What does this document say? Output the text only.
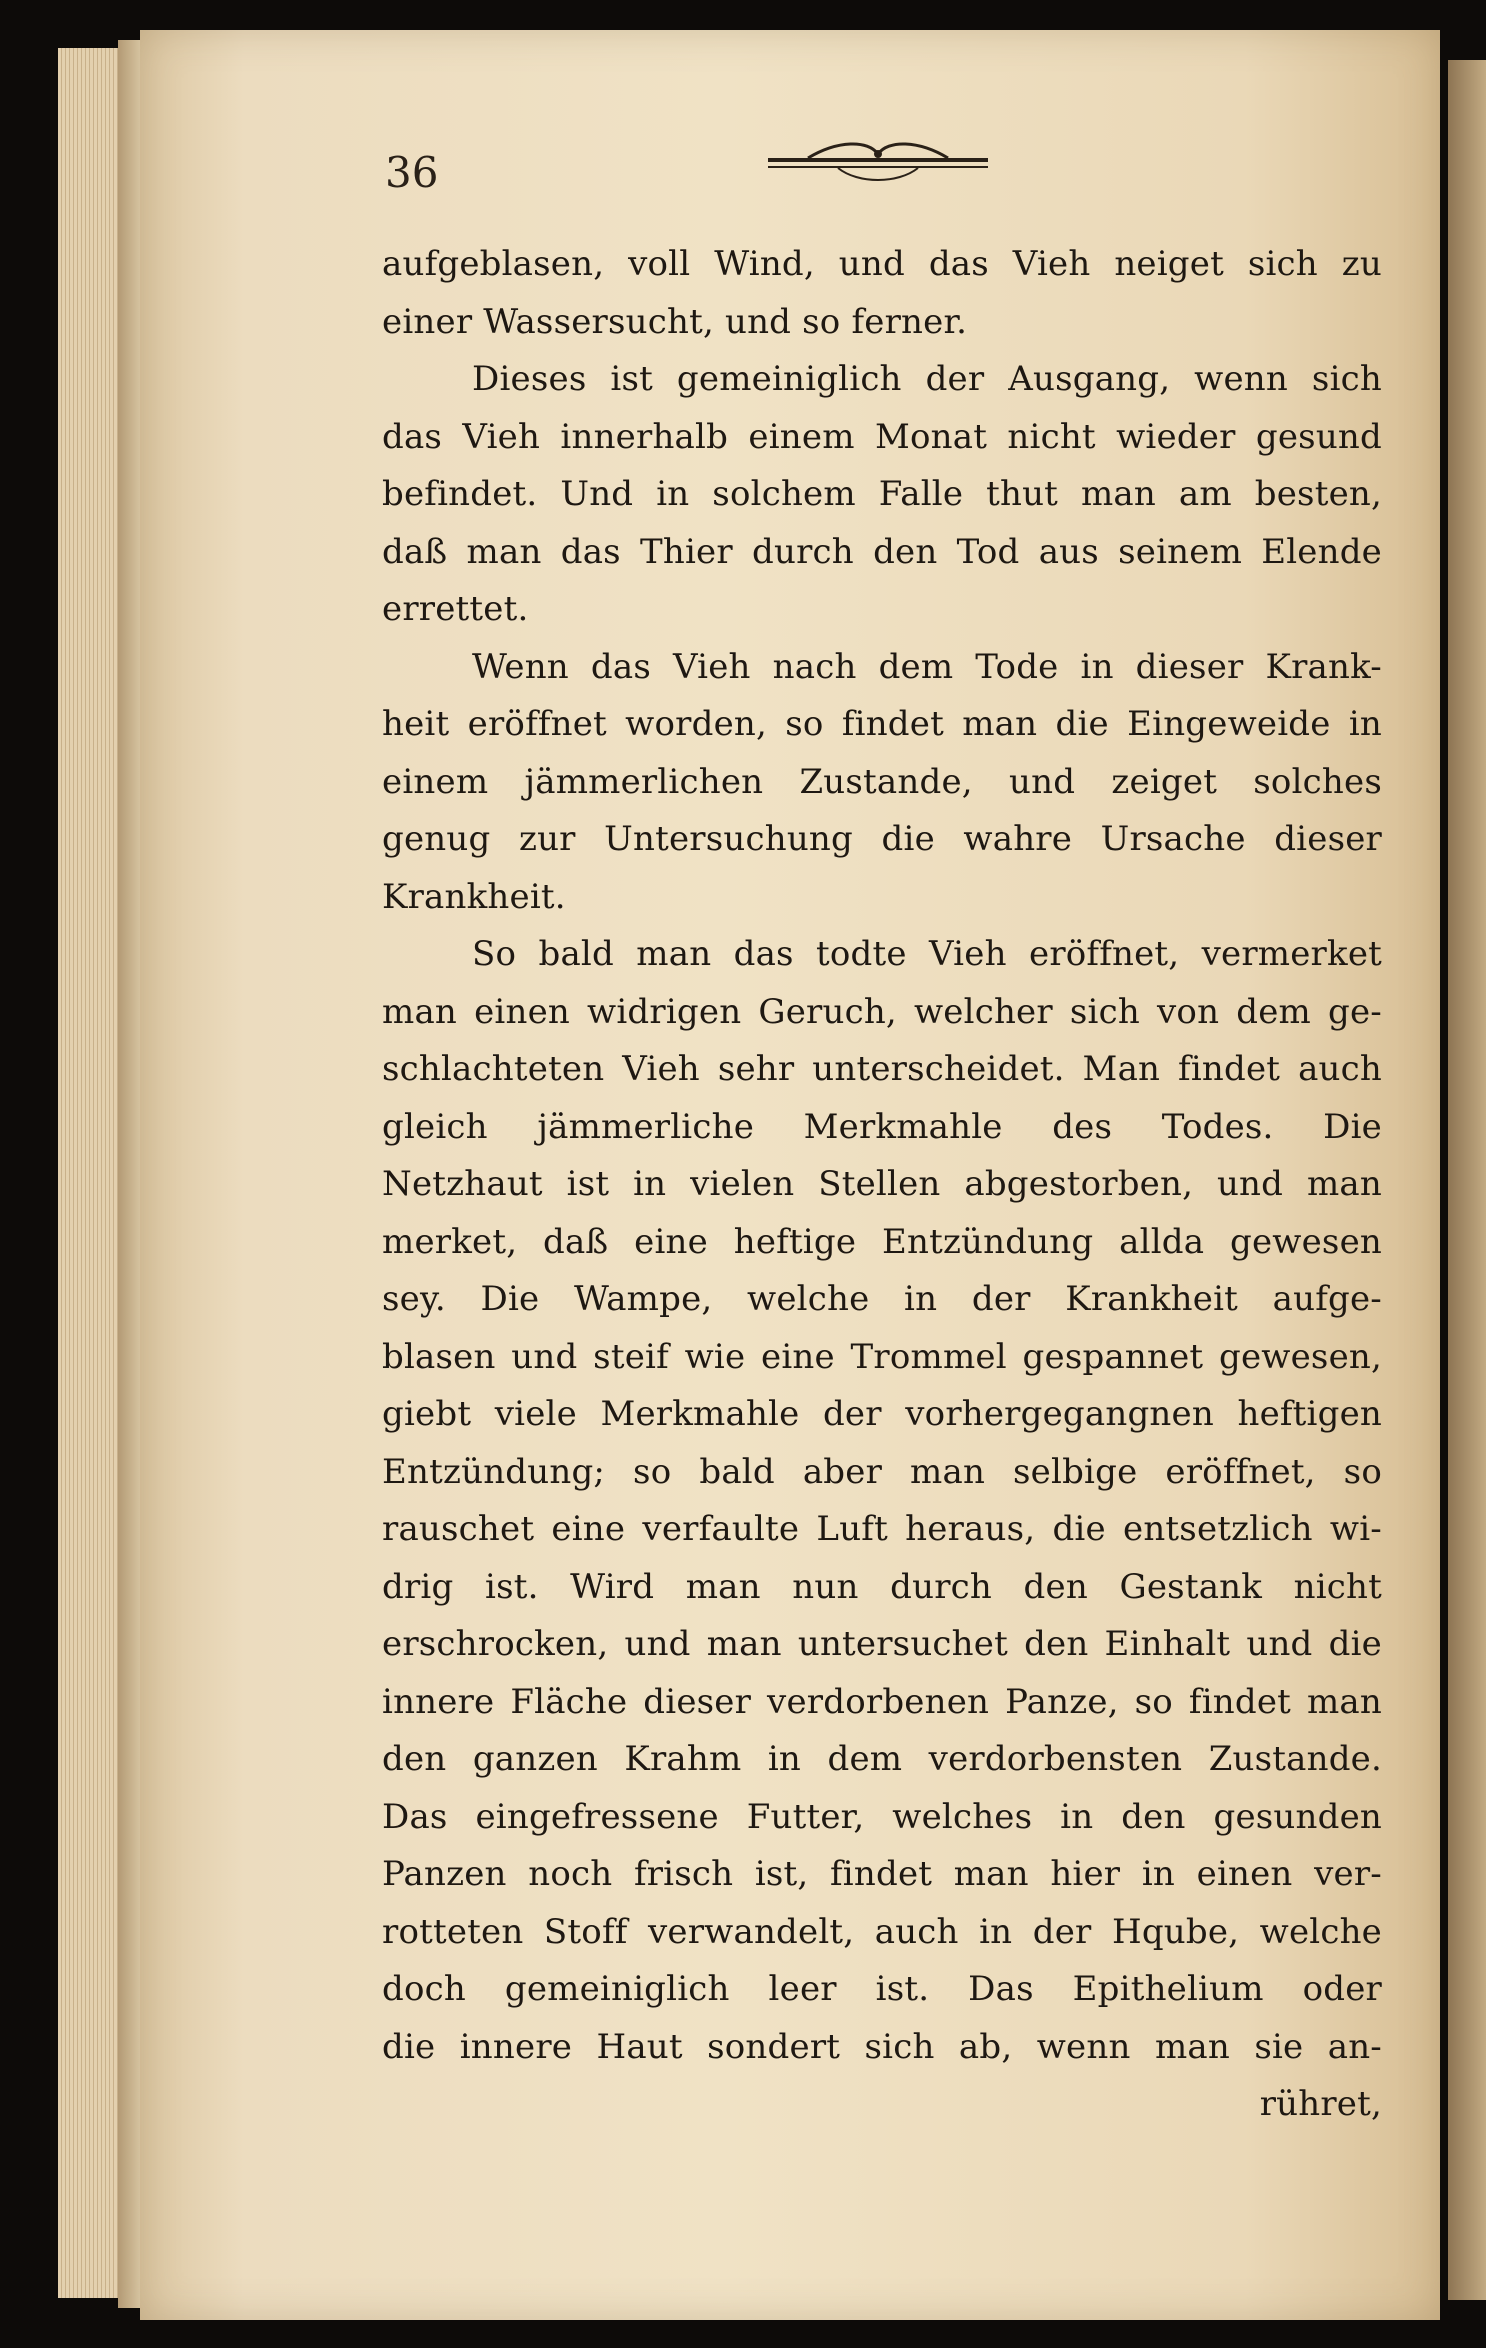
36
aufgeblasen, voll Wind, und das Vieh neiget sich zu
einer Wassersucht, und so ferner.
Dieses ist gemeiniglich der Ausgang, wenn sich
das Vieh innerhalb einem Monat nicht wieder gesund
befindet. Und in solchem Falle thut man am besten,
daß man das Thier durch den Tod aus seinem Elende
errettet.
Wenn das Vieh nach dem Tode in dieser Krank-
heit eröffnet worden, so findet man die Eingeweide in
einem jämmerlichen Zustande, und zeiget solches
genug zur Untersuchung die wahre Ursache dieser
Krankheit.
So bald man das todte Vieh eröffnet, vermerket
man einen widrigen Geruch, welcher sich von dem ge-
schlachteten Vieh sehr unterscheidet. Man findet auch
gleich jämmerliche Merkmahle des Todes. Die
Netzhaut ist in vielen Stellen abgestorben, und man
merket, daß eine heftige Entzündung allda gewesen
sey. Die Wampe, welche in der Krankheit aufge-
blasen und steif wie eine Trommel gespannet gewesen,
giebt viele Merkmahle der vorhergegangnen heftigen
Entzündung; so bald aber man selbige eröffnet, so
rauschet eine verfaulte Luft heraus, die entsetzlich wi-
drig ist. Wird man nun durch den Gestank nicht
erschrocken, und man untersuchet den Einhalt und die
innere Fläche dieser verdorbenen Panze, so findet man
den ganzen Krahm in dem verdorbensten Zustande.
Das eingefressene Futter, welches in den gesunden
Panzen noch frisch ist, findet man hier in einen ver-
rotteten Stoff verwandelt, auch in der Hqube, welche
doch gemeiniglich leer ist. Das Epithelium oder
die innere Haut sondert sich ab, wenn man sie an-
rühret,
